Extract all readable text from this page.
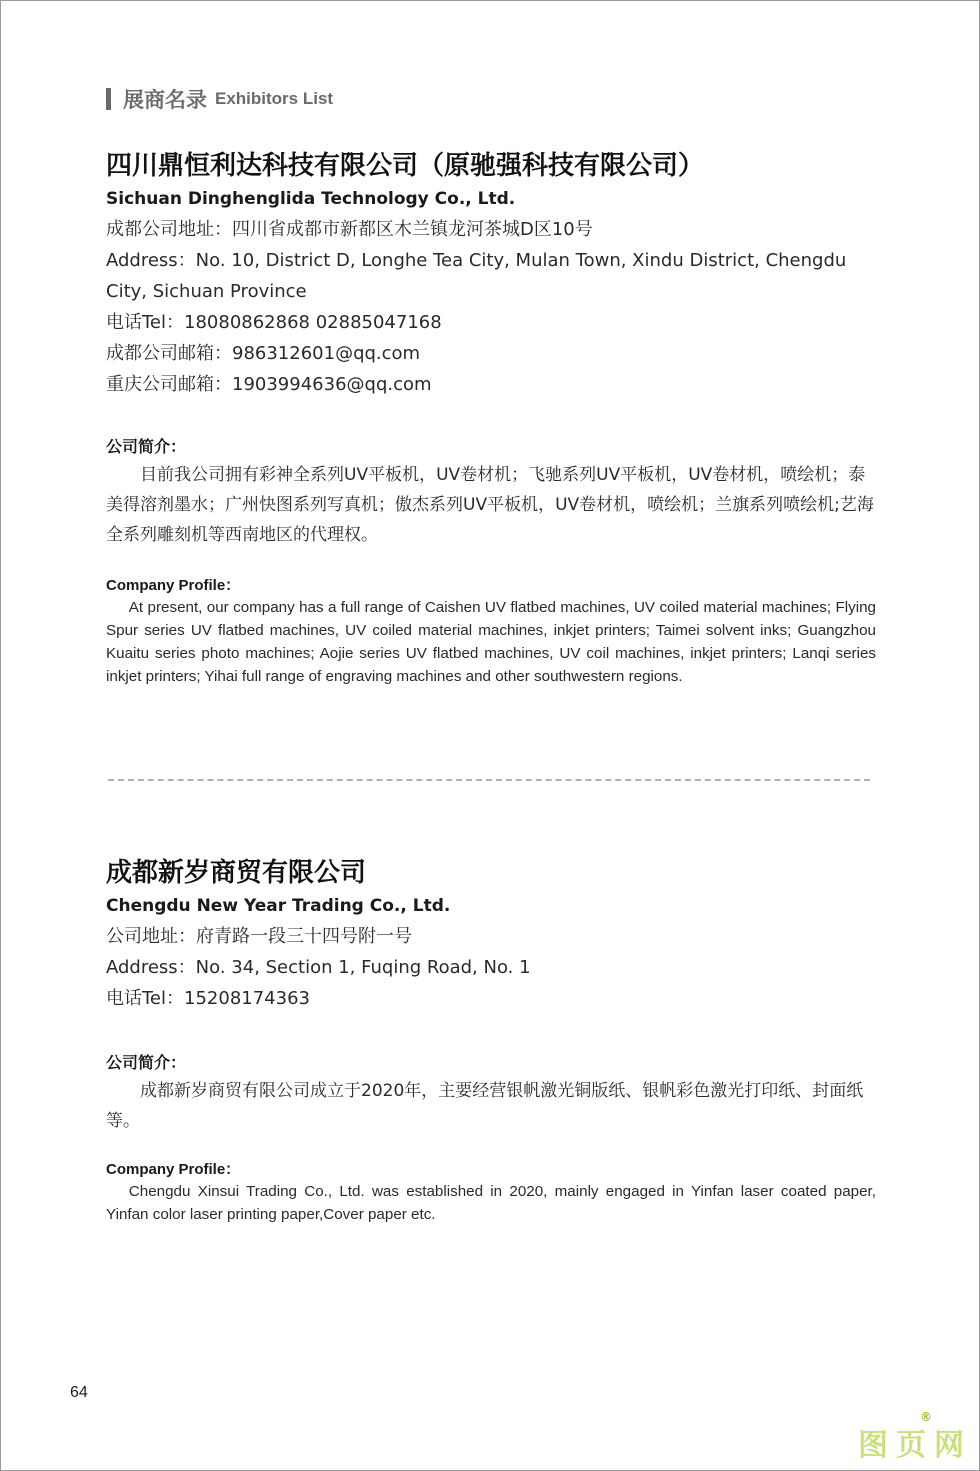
展商名录 Exhibitors List

四川鼎恒利达科技有限公司（原驰强科技有限公司）

Sichuan Dinghenglida Technology Co., Ltd.

成都公司地址：四川省成都市新都区木兰镇龙河茶城D区10号

Address：No. 10, District D, Longhe Tea City, Mulan Town, Xindu District, Chengdu City, Sichuan Province

电话Tel：18080862868 02885047168

成都公司邮箱：986312601@qq.com

重庆公司邮箱：1903994636@qq.com

公司简介：

目前我公司拥有彩神全系列UV平板机，UV卷材机；飞驰系列UV平板机，UV卷材机，喷绘机；泰美得溶剂墨水；广州快图系列写真机；傲杰系列UV平板机，UV卷材机，喷绘机；兰旗系列喷绘机;艺海全系列雕刻机等西南地区的代理权。

Company Profile：

At present, our company has a full range of Caishen UV flatbed machines, UV coiled material machines; Flying Spur series UV flatbed machines, UV coiled material machines, inkjet printers; Taimei solvent inks; Guangzhou Kuaitu series photo machines; Aojie series UV flatbed machines, UV coil machines, inkjet printers; Lanqi series inkjet printers; Yihai full range of engraving machines and other southwestern regions.

成都新岁商贸有限公司

Chengdu New Year Trading Co., Ltd.

公司地址：府青路一段三十四号附一号

Address：No. 34, Section 1, Fuqing Road, No. 1

电话Tel：15208174363

公司简介：

成都新岁商贸有限公司成立于2020年，主要经营银帆激光铜版纸、银帆彩色激光打印纸、封面纸等。

Company Profile：

Chengdu Xinsui Trading Co., Ltd. was established in 2020, mainly engaged in Yinfan laser coated paper, Yinfan color laser printing paper,Cover paper etc.

64
图页网
®
